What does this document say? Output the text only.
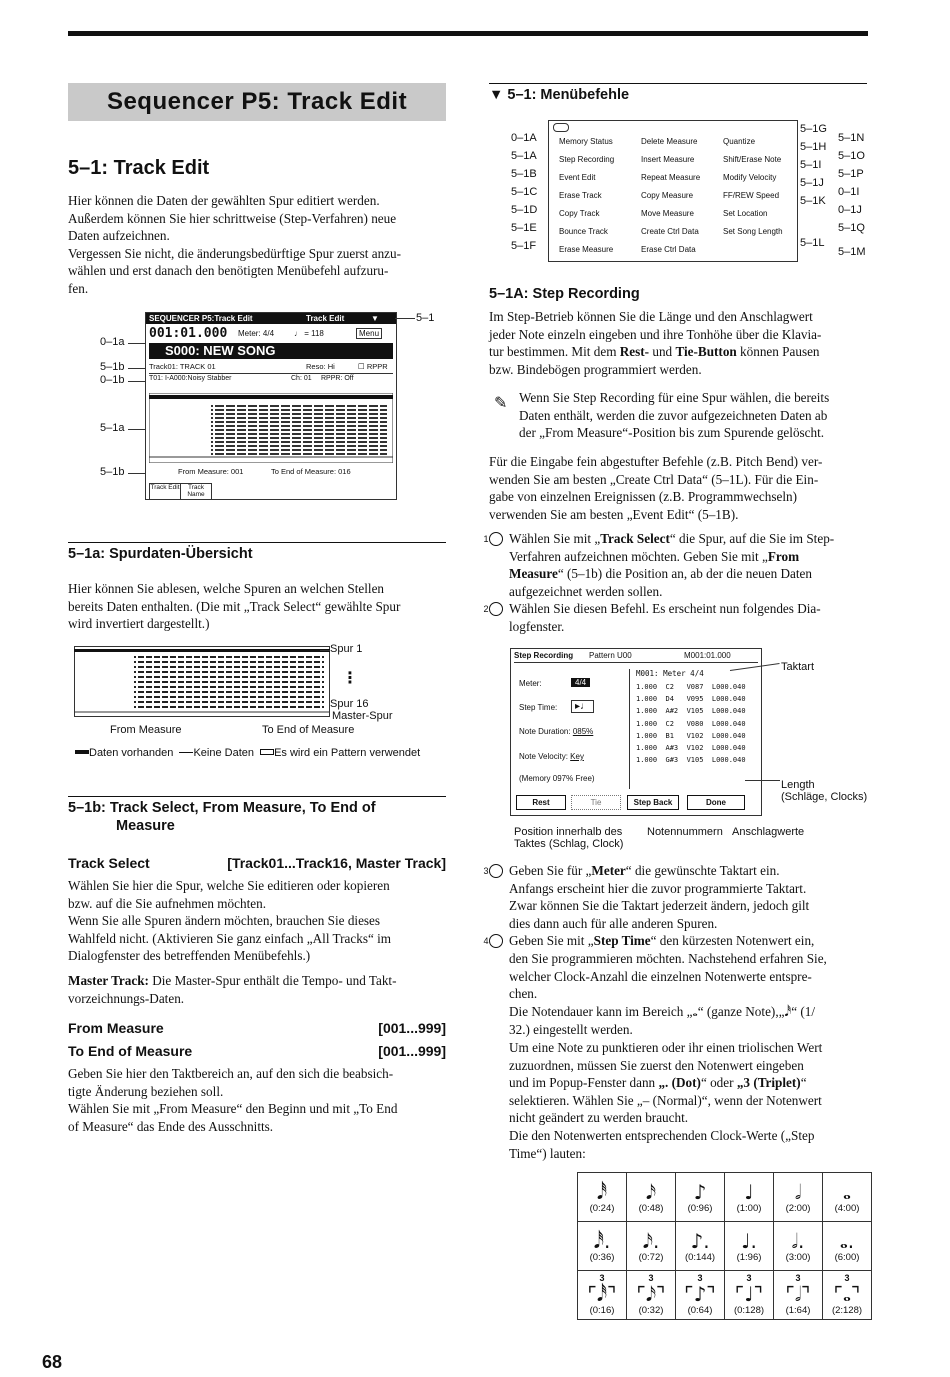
Sequencer P5: Track Edit
5–1: Track Edit

Hier können die Daten der gewählten Spur editiert werden.

Außerdem können Sie hier schrittweise (Step-Verfahren) neue

Daten aufzeichnen.

Vergessen Sie nicht, die änderungsbedürftige Spur zuerst anzu-

wählen und erst danach den benötigten Menübefehl aufzuru-

fen.

SEQUENCER P5:Track Edit	Track Edit	▼
001:01.000 Meter: 4/4 ♩ = 118	Menu
S000: NEW SONG
Track01: TRACK 01	Reso: Hi	☐ RPPR
T01: I-A000:Noisy Stabber	Ch: 01 RPPR: Off
From Measure: 001	To End of Measure: 016
Track Edit	Track Name
5–1
0–1a
5–1b
0–1b
5–1a
5–1b
5–1a: Spurdaten-Übersicht

Hier können Sie ablesen, welche Spuren an welchen Stellen

bereits Daten enthalten. (Die mit „Track Select“ gewählte Spur

wird invertiert dargestellt.)

Spur 1
⋮
Spur 16
Master-Spur
From Measure	To End of Measure
Daten vorhanden Keine Daten Es wird ein Pattern verwendet
5–1b: Track Select, From Measure, To End of
Measure
Track Select	[Track01...Track16, Master Track]

Wählen Sie hier die Spur, welche Sie editieren oder kopieren

bzw. auf die Sie aufnehmen möchten.

Wenn Sie alle Spuren ändern möchten, brauchen Sie dieses

Wahlfeld nicht. (Aktivieren Sie ganz einfach „All Tracks“ im

Dialogfenster des betreffenden Menübefehls.)

Master Track: Die Master-Spur enthält die Tempo- und Takt-

vorzeichnungs-Daten.

From Measure	[001...999]
To End of Measure	[001...999]

Geben Sie hier den Taktbereich an, auf den sich die beabsich-

tigte Änderung beziehen soll.

Wählen Sie mit „From Measure“ den Beginn und mit „To End

of Measure“ das Ende des Ausschnitts.

▼ 5–1: Menübefehle
Memory Status	Delete Measure	Quantize
Step Recording	Insert Measure	Shift/Erase Note
Event Edit	Repeat Measure	Modify Velocity
Erase Track	Copy Measure	FF/REW Speed
Copy Track	Move Measure	Set Location
Bounce Track	Create Ctrl Data	Set Song Length
Erase Measure	Erase Ctrl Data
0–1A
5–1A
5–1B
5–1C
5–1D
5–1E
5–1F
5–1G
5–1H
5–1I
5–1J
5–1K
5–1L
5–1N
5–1O
5–1P
0–1I
0–1J
5–1Q
5–1M
5–1A: Step Recording

Im Step-Betrieb können Sie die Länge und den Anschlagwert

jeder Note einzeln eingeben und ihre Tonhöhe über die Klavia-

tur bestimmen. Mit dem Rest- und Tie-Button können Pausen

bzw. Bindebögen programmiert werden.

✎ Wenn Sie Step Recording für eine Spur wählen, die bereits

Daten enthält, werden die zuvor aufgezeichneten Daten ab

der „From Measure“-Position bis zum Spurende gelöscht.

Für die Eingabe fein abgestufter Befehle (z.B. Pitch Bend) ver-

wenden Sie am besten „Create Ctrl Data“ (5–1L). Für die Ein-

gabe von einzelnen Ereignissen (z.B. Programmwechseln)

verwenden Sie am besten „Event Edit“ (5–1B).

1 Wählen Sie mit „Track Select“ die Spur, auf die Sie im Step-

Verfahren aufzeichnen möchten. Geben Sie mit „From

Measure“ (5–1b) die Position an, ab der die neuen Daten

aufgezeichnet werden sollen.

2 Wählen Sie diesen Befehl. Es erscheint nun folgendes Dia-

logfenster.

Step Recording Pattern U00	M001:01.000
Meter:	4/4
Step Time:	▸♩
Note Duration: 085%
Note Velocity: Key
(Memory 097% Free)
M001: Meter 4/4
1.000  C2   V087  L000.040
1.000  D4   V095  L000.040
1.000  A#2  V105  L000.040
1.000  C2   V080  L000.040
1.000  B1   V102  L000.040
1.000  A#3  V102  L000.040
1.000  G#3  V105  L000.040
Rest	Tie	Step Back	Done
Taktart
Length
(Schläge, Clocks)
Position innerhalb des
Taktes (Schlag, Clock)
Notennummern Anschlagwerte

3 Geben Sie für „Meter“ die gewünschte Taktart ein.

Anfangs erscheint hier die zuvor programmierte Taktart.

Zwar können Sie die Taktart jederzeit ändern, jedoch gilt

dies dann auch für alle anderen Spuren.

4 Geben Sie mit „Step Time“ den kürzesten Notenwert ein,

den Sie programmieren möchten. Nachstehend erfahren Sie,

welcher Clock-Anzahl die einzelnen Notenwerte entspre-

chen.

Die Notendauer kann im Bereich „𝅝“ (ganze Note),„𝅘𝅥𝅰“ (1/

32.) eingestellt werden.

Um eine Note zu punktieren oder ihr einen triolischen Wert

zuzuordnen, müssen Sie zuerst den Notenwert eingeben

und im Popup-Fenster dann „. (Dot)“ oder „3 (Triplet)“

selektieren. Wählen Sie „– (Normal)“, wenn der Notenwert

nicht geändert zu werden braucht.

Die den Notenwerten entsprechenden Clock-Werte („Step

Time“) lauten:

𝅘𝅥𝅰
(0:24)	𝅘𝅥𝅯
(0:48)	♪
(0:96)	♩
(1:00)	𝅗𝅥
(2:00)	𝅝
(4:00)

𝅘𝅥𝅰.
(0:36)	𝅘𝅥𝅯.
(0:72)	♪.
(0:144)	♩.
(1:96)	𝅗𝅥.
(3:00)	𝅝.
(6:00)

3
⌜𝅘𝅥𝅰⌝
(0:16)	3
⌜𝅘𝅥𝅯⌝
(0:32)	3
⌜♪⌝
(0:64)	3
⌜♩⌝
(0:128)	3
⌜𝅗𝅥⌝
(1:64)	3
⌜𝅝⌝
(2:128)
68
